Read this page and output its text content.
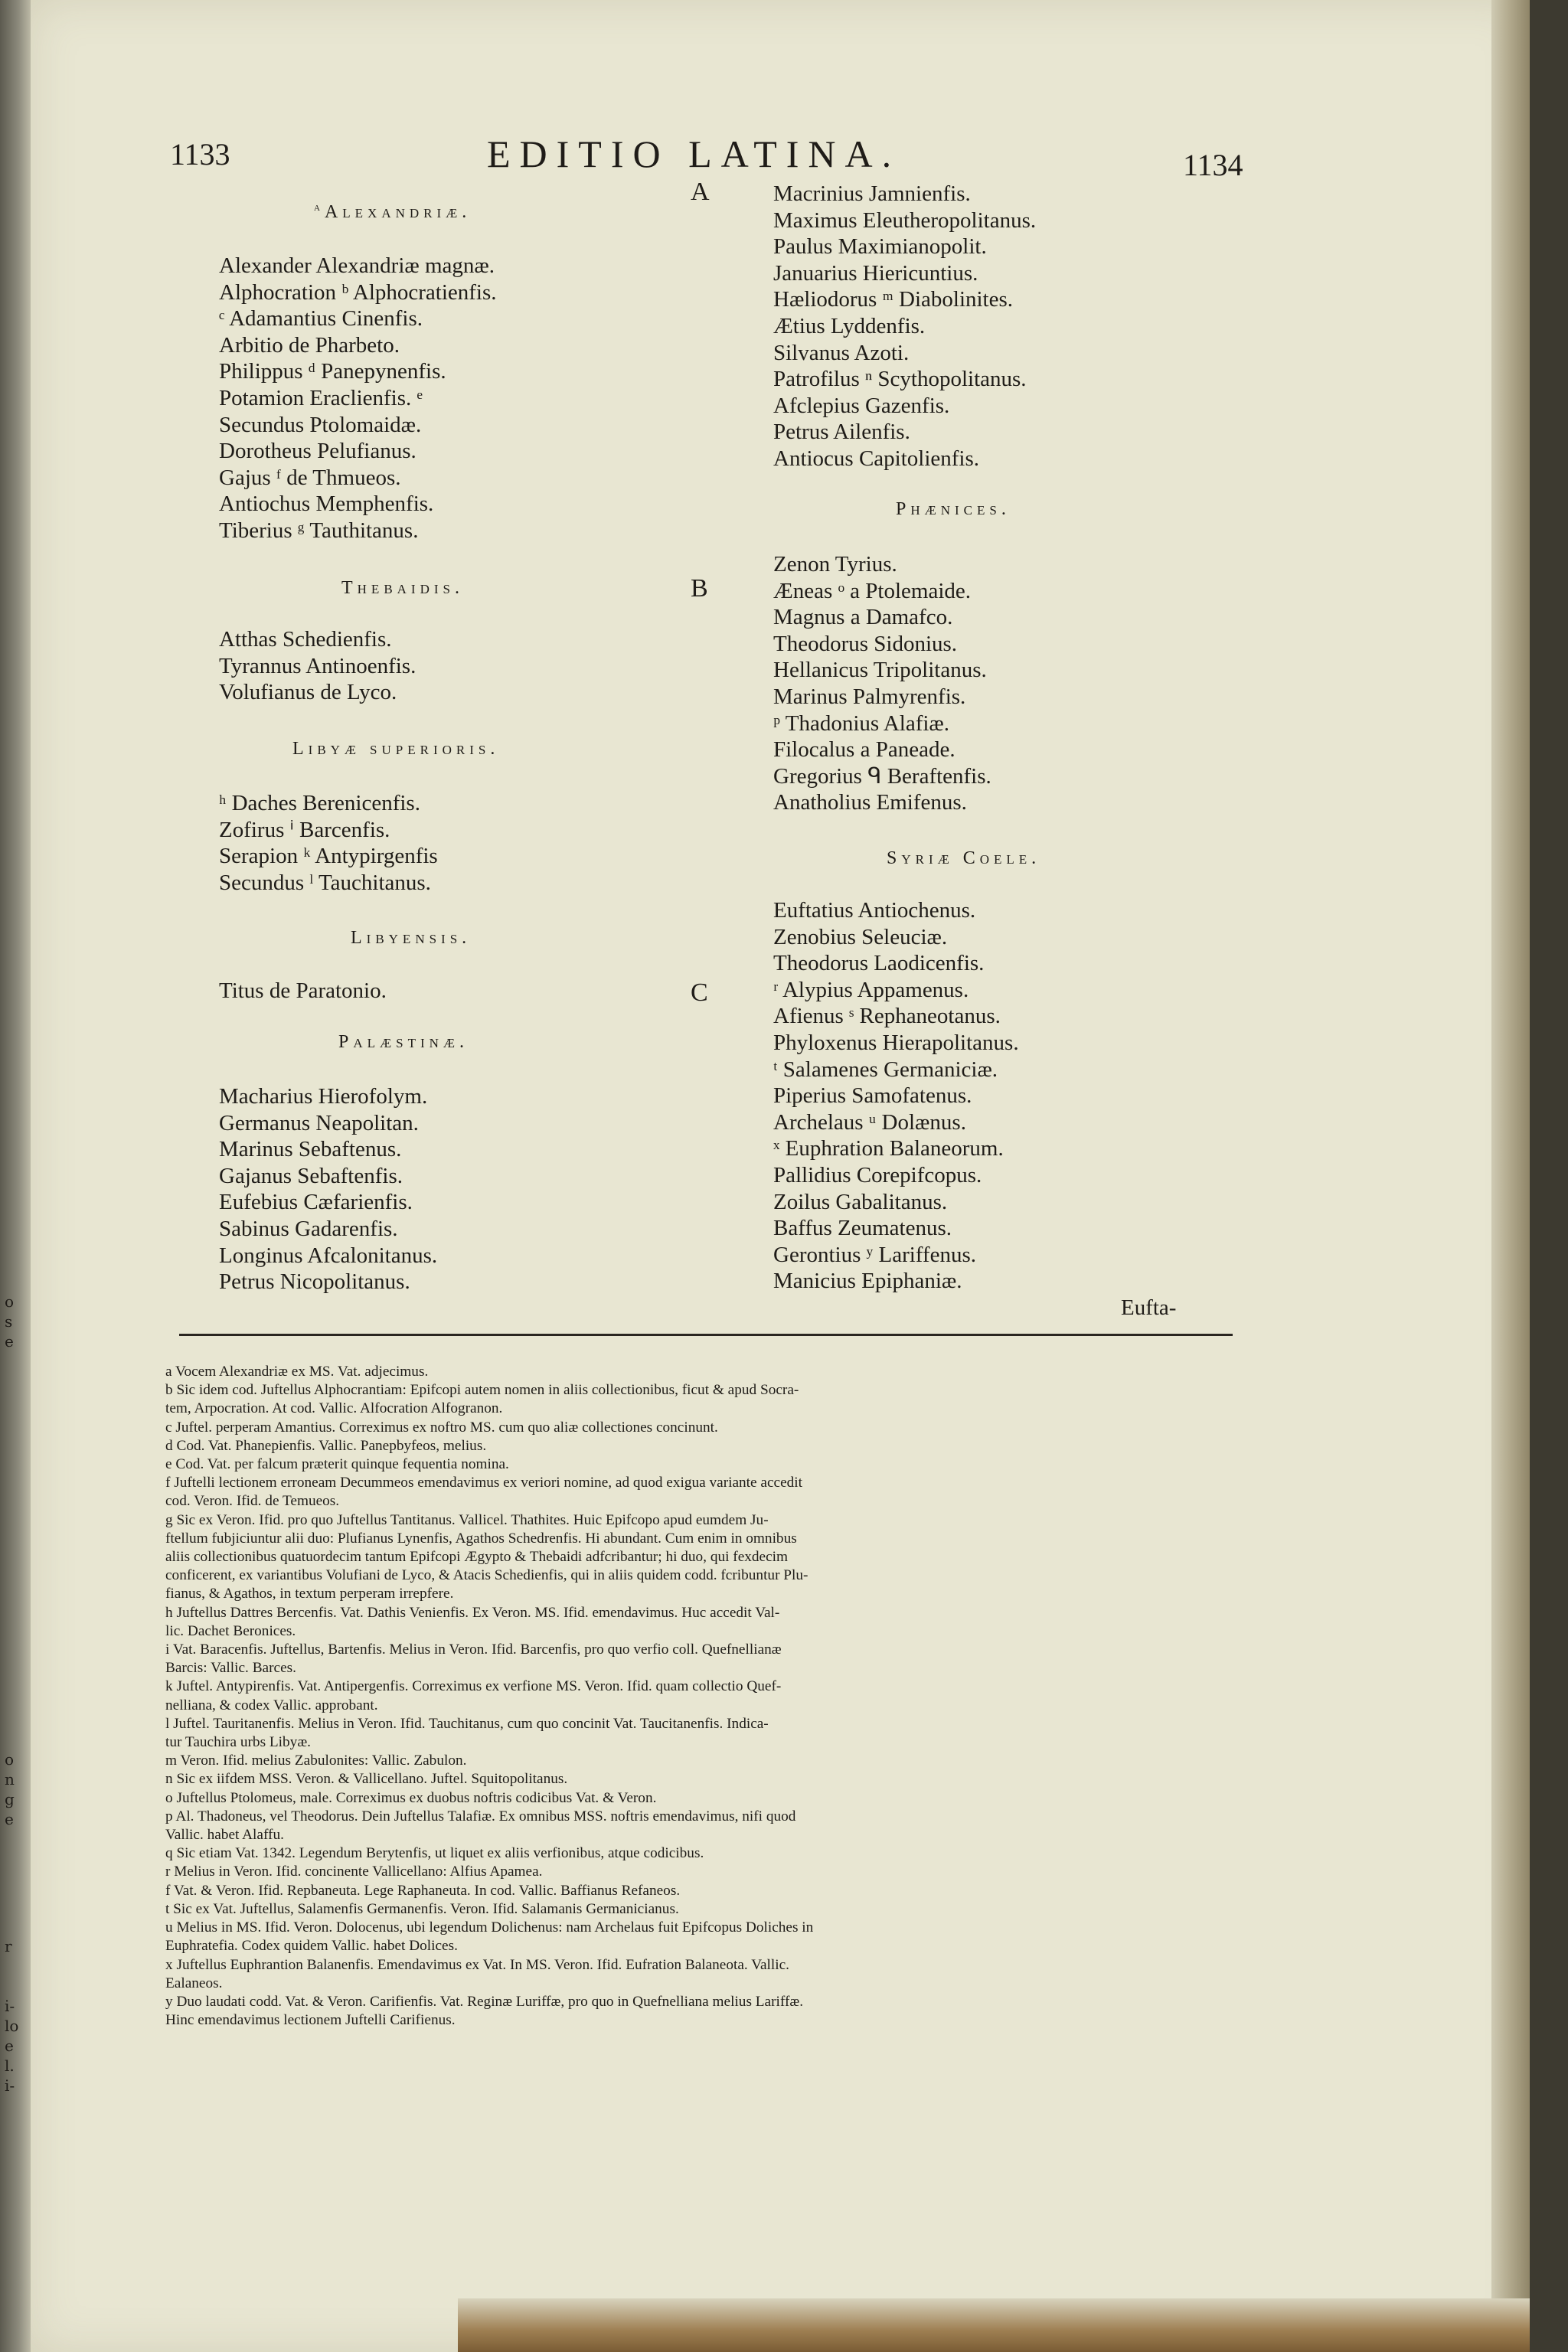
o
s
e
o
n
g
e
r
i-
lo
e
l.
i-
1133	EDITIO LATINA.	1134
A
B
C
$^a$ Alexandriæ.
Alexander Alexandriæ magnæ.
Alphocration ᵇ Alphocratienfis.
ᶜ Adamantius Cinenfis.
Arbitio de Pharbeto.
Philippus ᵈ Panepynenfis.
Potamion Eraclienfis. ᵉ
Secundus Ptolomaidæ.
Dorotheus Pelufianus.
Gajus ᶠ de Thmueos.
Antiochus Memphenfis.
Tiberius ᵍ Tauthitanus.
Thebaidis.
Atthas Schedienfis.
Tyrannus Antinoenfis.
Volufianus de Lyco.
Libyæ superioris.
ʰ Daches Berenicenfis.
Zofirus ⁱ Barcenfis.
Serapion ᵏ Antypirgenfis
Secundus ˡ Tauchitanus.
Libyensis.
Titus de Paratonio.
Palæstinæ.
Macharius Hierofolym.
Germanus Neapolitan.
Marinus Sebaftenus.
Gajanus Sebaftenfis.
Eufebius Cæfarienfis.
Sabinus Gadarenfis.
Longinus Afcalonitanus.
Petrus Nicopolitanus.
Macrinius Jamnienfis.
Maximus Eleutheropolitanus.
Paulus Maximianopolit.
Januarius Hiericuntius.
Hæliodorus ᵐ Diabolinites.
Ætius Lyddenfis.
Silvanus Azoti.
Patrofilus ⁿ Scythopolitanus.
Afclepius Gazenfis.
Petrus Ailenfis.
Antiocus Capitolienfis.
Phænices.
Zenon Tyrius.
Æneas ᵒ a Ptolemaide.
Magnus a Damafco.
Theodorus Sidonius.
Hellanicus Tripolitanus.
Marinus Palmyrenfis.
ᵖ Thadonius Alafiæ.
Filocalus a Paneade.
Gregorius ᑫ Beraftenfis.
Anatholius Emifenus.
Syriæ Coele.
Euftatius Antiochenus.
Zenobius Seleuciæ.
Theodorus Laodicenfis.
ʳ Alypius Appamenus.
Afienus ˢ Rephaneotanus.
Phyloxenus Hierapolitanus.
ᵗ Salamenes Germaniciæ.
Piperius Samofatenus.
Archelaus ᵘ Dolænus.
ˣ Euphration Balaneorum.
Pallidius Corepifcopus.
Zoilus Gabalitanus.
Baffus Zeumatenus.
Gerontius ʸ Lariffenus.
Manicius Epiphaniæ.
Eufta-

a Vocem Alexandriæ ex MS. Vat. adjecimus.

b Sic idem cod. Juftellus Alphocrantiam: Epifcopi autem nomen in aliis collectionibus, ficut & apud Socra-

tem, Arpocration. At cod. Vallic. Alfocration Alfogranon.

c Juftel. perperam Amantius. Correximus ex noftro MS. cum quo aliæ collectiones concinunt.

d Cod. Vat. Phanepienfis. Vallic. Panepbyfeos, melius.

e Cod. Vat. per falcum præterit quinque fequentia nomina.

f Juftelli lectionem erroneam Decummeos emendavimus ex veriori nomine, ad quod exigua variante accedit

cod. Veron. Ifid. de Temueos.

g Sic ex Veron. Ifid. pro quo Juftellus Tantitanus. Vallicel. Thathites. Huic Epifcopo apud eumdem Ju-

ftellum fubjiciuntur alii duo: Plufianus Lynenfis, Agathos Schedrenfis. Hi abundant. Cum enim in omnibus

aliis collectionibus quatuordecim tantum Epifcopi Ægypto & Thebaidi adfcribantur; hi duo, qui fexdecim

conficerent, ex variantibus Volufiani de Lyco, & Atacis Schedienfis, qui in aliis quidem codd. fcribuntur Plu-

fianus, & Agathos, in textum perperam irrepfere.

h Juftellus Dattres Bercenfis. Vat. Dathis Venienfis. Ex Veron. MS. Ifid. emendavimus. Huc accedit Val-

lic. Dachet Beronices.

i Vat. Baracenfis. Juftellus, Bartenfis. Melius in Veron. Ifid. Barcenfis, pro quo verfio coll. Quefnellianæ

Barcis: Vallic. Barces.

k Juftel. Antypirenfis. Vat. Antipergenfis. Correximus ex verfione MS. Veron. Ifid. quam collectio Quef-

nelliana, & codex Vallic. approbant.

l Juftel. Tauritanenfis. Melius in Veron. Ifid. Tauchitanus, cum quo concinit Vat. Taucitanenfis. Indica-

tur Tauchira urbs Libyæ.

m Veron. Ifid. melius Zabulonites: Vallic. Zabulon.

n Sic ex iifdem MSS. Veron. & Vallicellano. Juftel. Squitopolitanus.

o Juftellus Ptolomeus, male. Correximus ex duobus noftris codicibus Vat. & Veron.

p Al. Thadoneus, vel Theodorus. Dein Juftellus Talafiæ. Ex omnibus MSS. noftris emendavimus, nifi quod

Vallic. habet Alaffu.

q Sic etiam Vat. 1342. Legendum Berytenfis, ut liquet ex aliis verfionibus, atque codicibus.

r Melius in Veron. Ifid. concinente Vallicellano: Alfius Apamea.

f Vat. & Veron. Ifid. Repbaneuta. Lege Raphaneuta. In cod. Vallic. Baffianus Refaneos.

t Sic ex Vat. Juftellus, Salamenfis Germanenfis. Veron. Ifid. Salamanis Germanicianus.

u Melius in MS. Ifid. Veron. Dolocenus, ubi legendum Dolichenus: nam Archelaus fuit Epifcopus Doliches in

Euphratefia. Codex quidem Vallic. habet Dolices.

x Juftellus Euphrantion Balanenfis. Emendavimus ex Vat. In MS. Veron. Ifid. Eufration Balaneota. Vallic.

Ealaneos.

y Duo laudati codd. Vat. & Veron. Carifienfis. Vat. Reginæ Luriffæ, pro quo in Quefnelliana melius Lariffæ.

Hinc emendavimus lectionem Juftelli Carifienus.
